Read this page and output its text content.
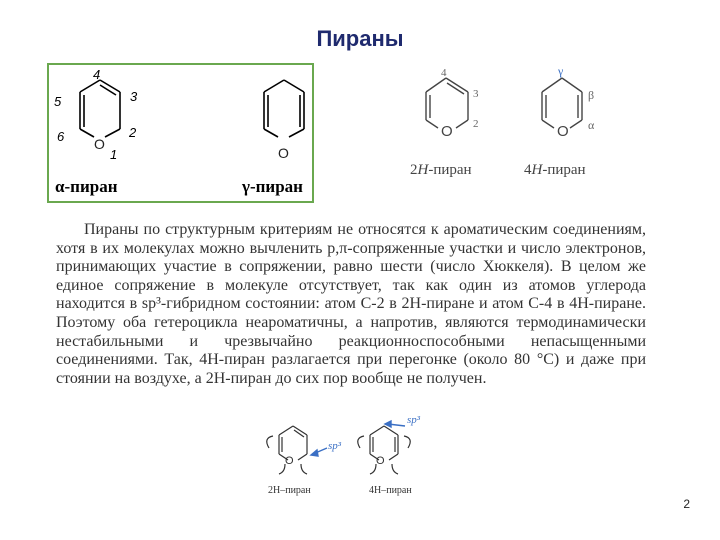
Пираны
4
5	3
6	2
1
O
O
α-пиран	γ-пиран
4
3
2
O
γ
β
α
O
2H-пиран	4H-пиран

Пираны по структурным критериям не относятся к ароматическим соединениям, хотя в их молекулах можно вычленить p,π-сопряженные участки и число электронов, принимающих участие в сопряжении, равно шести (число Хюккеля). В целом же единое сопряжение в молекуле отсутствует, так как один из атомов углерода находится в sp³-гибридном состоянии: атом С-2 в 2H-пиране и атом С-4 в 4H-пиране. Поэтому оба гетероцикла неароматичны, а напротив, являются термодинамически нестабильными и чрезвычайно реакционноспособными непасыщенными соединениями. Так, 4H-пиран разлагается при перегонке (около 80 °С) и даже при стоянии на воздухе, а 2H-пиран до сих пор вообще не получен.

sp³
sp³
O	O
2H–пиран	4H–пиран
2
